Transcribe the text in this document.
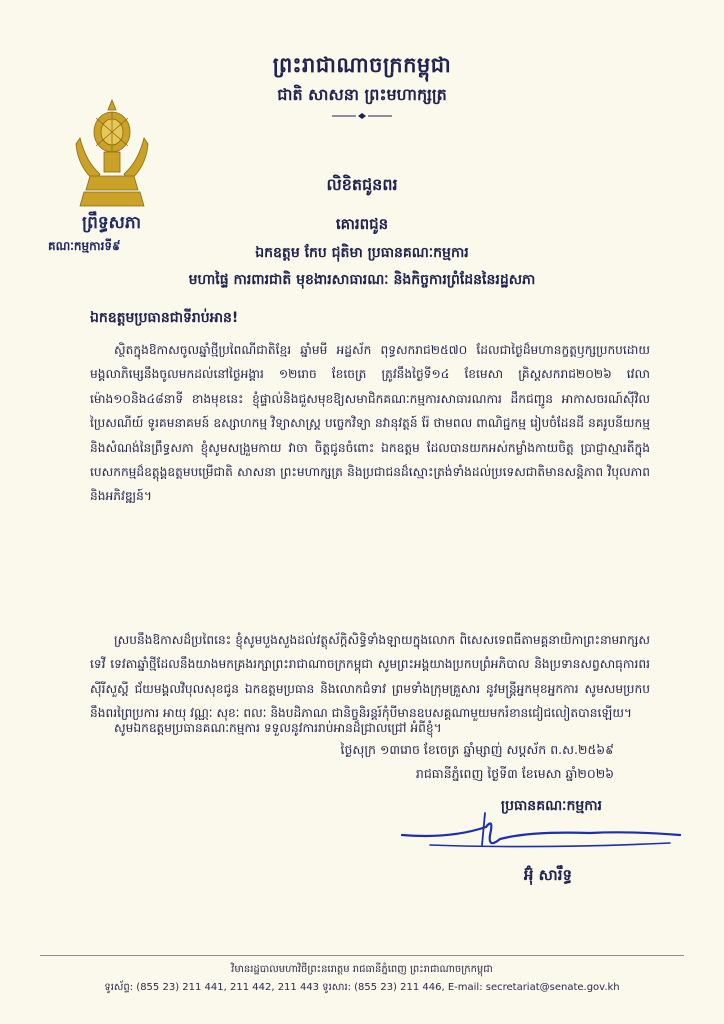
ព្រះរាជាណាចក្រកម្ពុជា
ជាតិ សាសនា ព្រះមហាក្សត្រ
ព្រឹទ្ធសភា
គណៈកម្មការទី៩
លិខិតជូនពរ
គោរពជូន
ឯកឧត្តម កែប ជុតិមា ប្រធានគណៈកម្មការ
មហាផ្ទៃ ការពារជាតិ មុខងារសាធារណៈ និងកិច្ចការព្រំដែននៃរដ្ឋសភា
ឯកឧត្តមប្រធានជាទីរាប់អាន!
ស្ថិតក្នុងឱកាសចូលឆ្នាំថ្មីប្រពៃណីជាតិខ្មែរ ឆ្នាំមមី អដ្ឋស័ក ពុទ្ធសករាជ២៥៧០ ដែលជាថ្ងៃដ៏មហានក្ខត្តឫក្សប្រកបដោយមង្គលាភិម្សេនឹងចូលមកដល់នៅថ្ងៃអង្គារ ១២រោច ខែចេត្រ ត្រូវនឹងថ្ងៃទី១៤ ខែមេសា គ្រិស្តសករាជ២០២៦ វេលាម៉ោង១០និង៤៨នាទី ខាងមុខនេះ ខ្ញុំផ្ទាល់និងជួសមុខឱ្យសមាជិកគណៈកម្មការសាធារណការ ដឹកជញ្ជូន អាកាសចរណ៍ស៊ីវិល ប្រៃសណីយ៍ ទូរគមនាគមន៍ ឧស្សាហកម្ម វិទ្យាសាស្ត្រ បច្ចេកវិទ្យា នវានុវត្តន៍ រ៉ែ ថាមពល ពាណិជ្ជកម្ម រៀបចំដែនដី នគរូបនីយកម្ម និងសំណង់នៃព្រឹទ្ធសភា ខ្ញុំសូមសង្រួមកាយ វាចា ចិត្តជូនចំពោះ ឯកឧត្តម ដែលបានយកអស់កម្លាំងកាយចិត្ត ប្រាជ្ញាស្មារតីក្នុងបេសកកម្មដ៏ឧត្តុង្គឧត្តមបម្រើជាតិ សាសនា ព្រះមហាក្សត្រ និងប្រជាជនដ៏ស្មោះត្រង់ទាំងដល់ប្រទេសជាតិមានសន្តិភាព វិបុលភាព និងអភិវឌ្ឍន៍។
ស្របនឹងឱកាសដ៏ប្រពៃនេះ ខ្ញុំសូមបួងសួងដល់វត្ថុស័ក្តិសិទ្ធិទាំងឡាយក្នុងលោក ពិសេសទេពធីតាមគ្គនាយិកាព្រះនាមរាក្សសទេវី ទេវតាឆ្នាំថ្មីដែលនឹងយាងមកគ្រងរក្សាព្រះរាជាណាចក្រកម្ពុជា សូមព្រះអង្គយាងប្រកបព្រំអភិបាល និងប្រទានសព្វសាធុការពរ ស៊ីរីសួស្តី ជ័យមង្គលវិបុលសុខជូន ឯកឧត្តមប្រធាន និងលោកជំទាវ ព្រមទាំងក្រុមគ្រួសារ នូវមន្ត្រីអ្នកមុខអ្នកការ សូមសមប្រកបនឹងពរព្រៃប្រការ អាយុ វណ្ណៈ សុខៈ ពលៈ និងបដិភាណ ជានិច្ចនិរន្តរ៍កុំបីមានឧបសគ្គណាមួយមករំខានជៀជលៀតបានឡើយ។
សូមឯកឧត្តមប្រធានគណៈកម្មការ ទទួលនូវការរាប់អានដ៏ជ្រាលជ្រៅ អំពីខ្ញុំ។
ថ្ងៃសុក្រ ១៣រោច ខែចេត្រ ឆ្នាំម្សាញ់ សប្តស័ក ព.ស.២៥៦៩
រាជធានីភ្នំពេញ ថ្ងៃទី៣ ខែមេសា ឆ្នាំ២០២៦
ប្រធានគណៈកម្មការ
អ៊ុំ សារឹទ្ធ
វិមានរដ្ឋបាលមហាវិថីព្រះនរោត្តម រាជធានីភ្នំពេញ ព្រះរាជាណាចក្រកម្ពុជា
ទូរស័ព្ទ: (855 23) 211 441, 211 442, 211 443 ទូរសារ: (855 23) 211 446, E-mail: secretariat@senate.gov.kh
